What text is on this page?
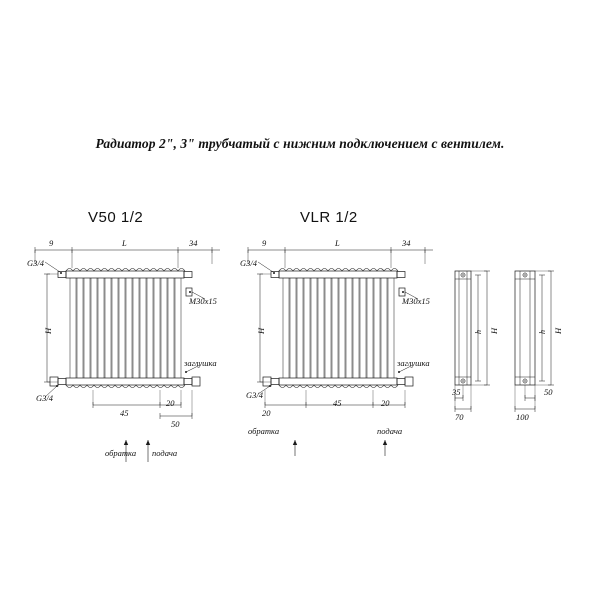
Радиатор 2", 3" трубчатый с нижним подключением с вентилем.
V50 1/2	VLR 1/2
9	L	34
G3/4
M30x15
заглушка
H
G3/4
45
20
50
обратка подача
9	L	34
G3/4
M30x15
заглушка
H
G3/4
20
45	20
обратка	подача
H
h
35
70
H
h
50
100
